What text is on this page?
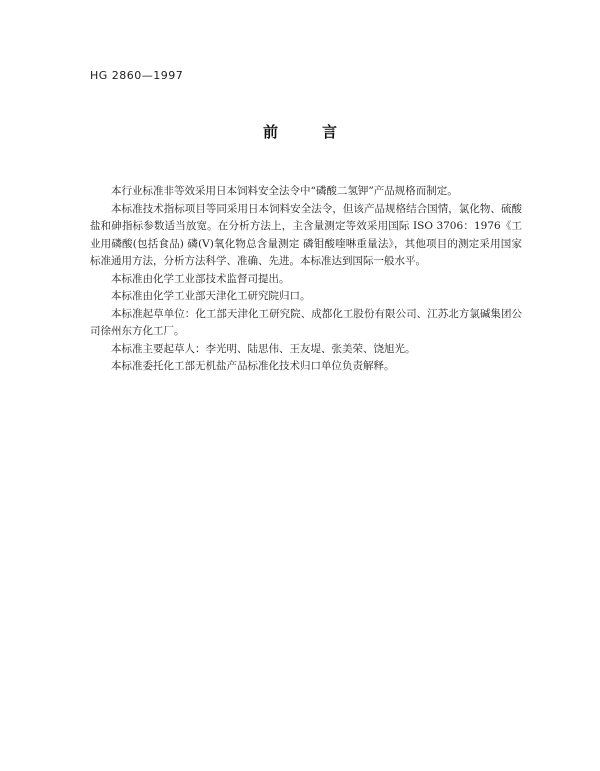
HG 2860—1997
前言

本行业标准非等效采用日本饲料安全法令中“磷酸二氢钾”产品规格而制定。

本标准技术指标项目等同采用日本饲料安全法令，但该产品规格结合国情，氯化物、硫酸盐和砷指标参数适当放宽。在分析方法上，主含量测定等效采用国际 ISO 3706：1976《工业用磷酸(包括食品) 磷(V)氧化物总含量测定 磷钼酸喹啉重量法》，其他项目的测定采用国家标准通用方法，分析方法科学、准确、先进。本标准达到国际一般水平。

本标准由化学工业部技术监督司提出。

本标准由化学工业部天津化工研究院归口。

本标准起草单位：化工部天津化工研究院、成都化工股份有限公司、江苏北方氯碱集团公司徐州东方化工厂。

本标准主要起草人：李光明、陆思伟、王友堤、张美荣、饶旭光。

本标准委托化工部无机盐产品标准化技术归口单位负责解释。
